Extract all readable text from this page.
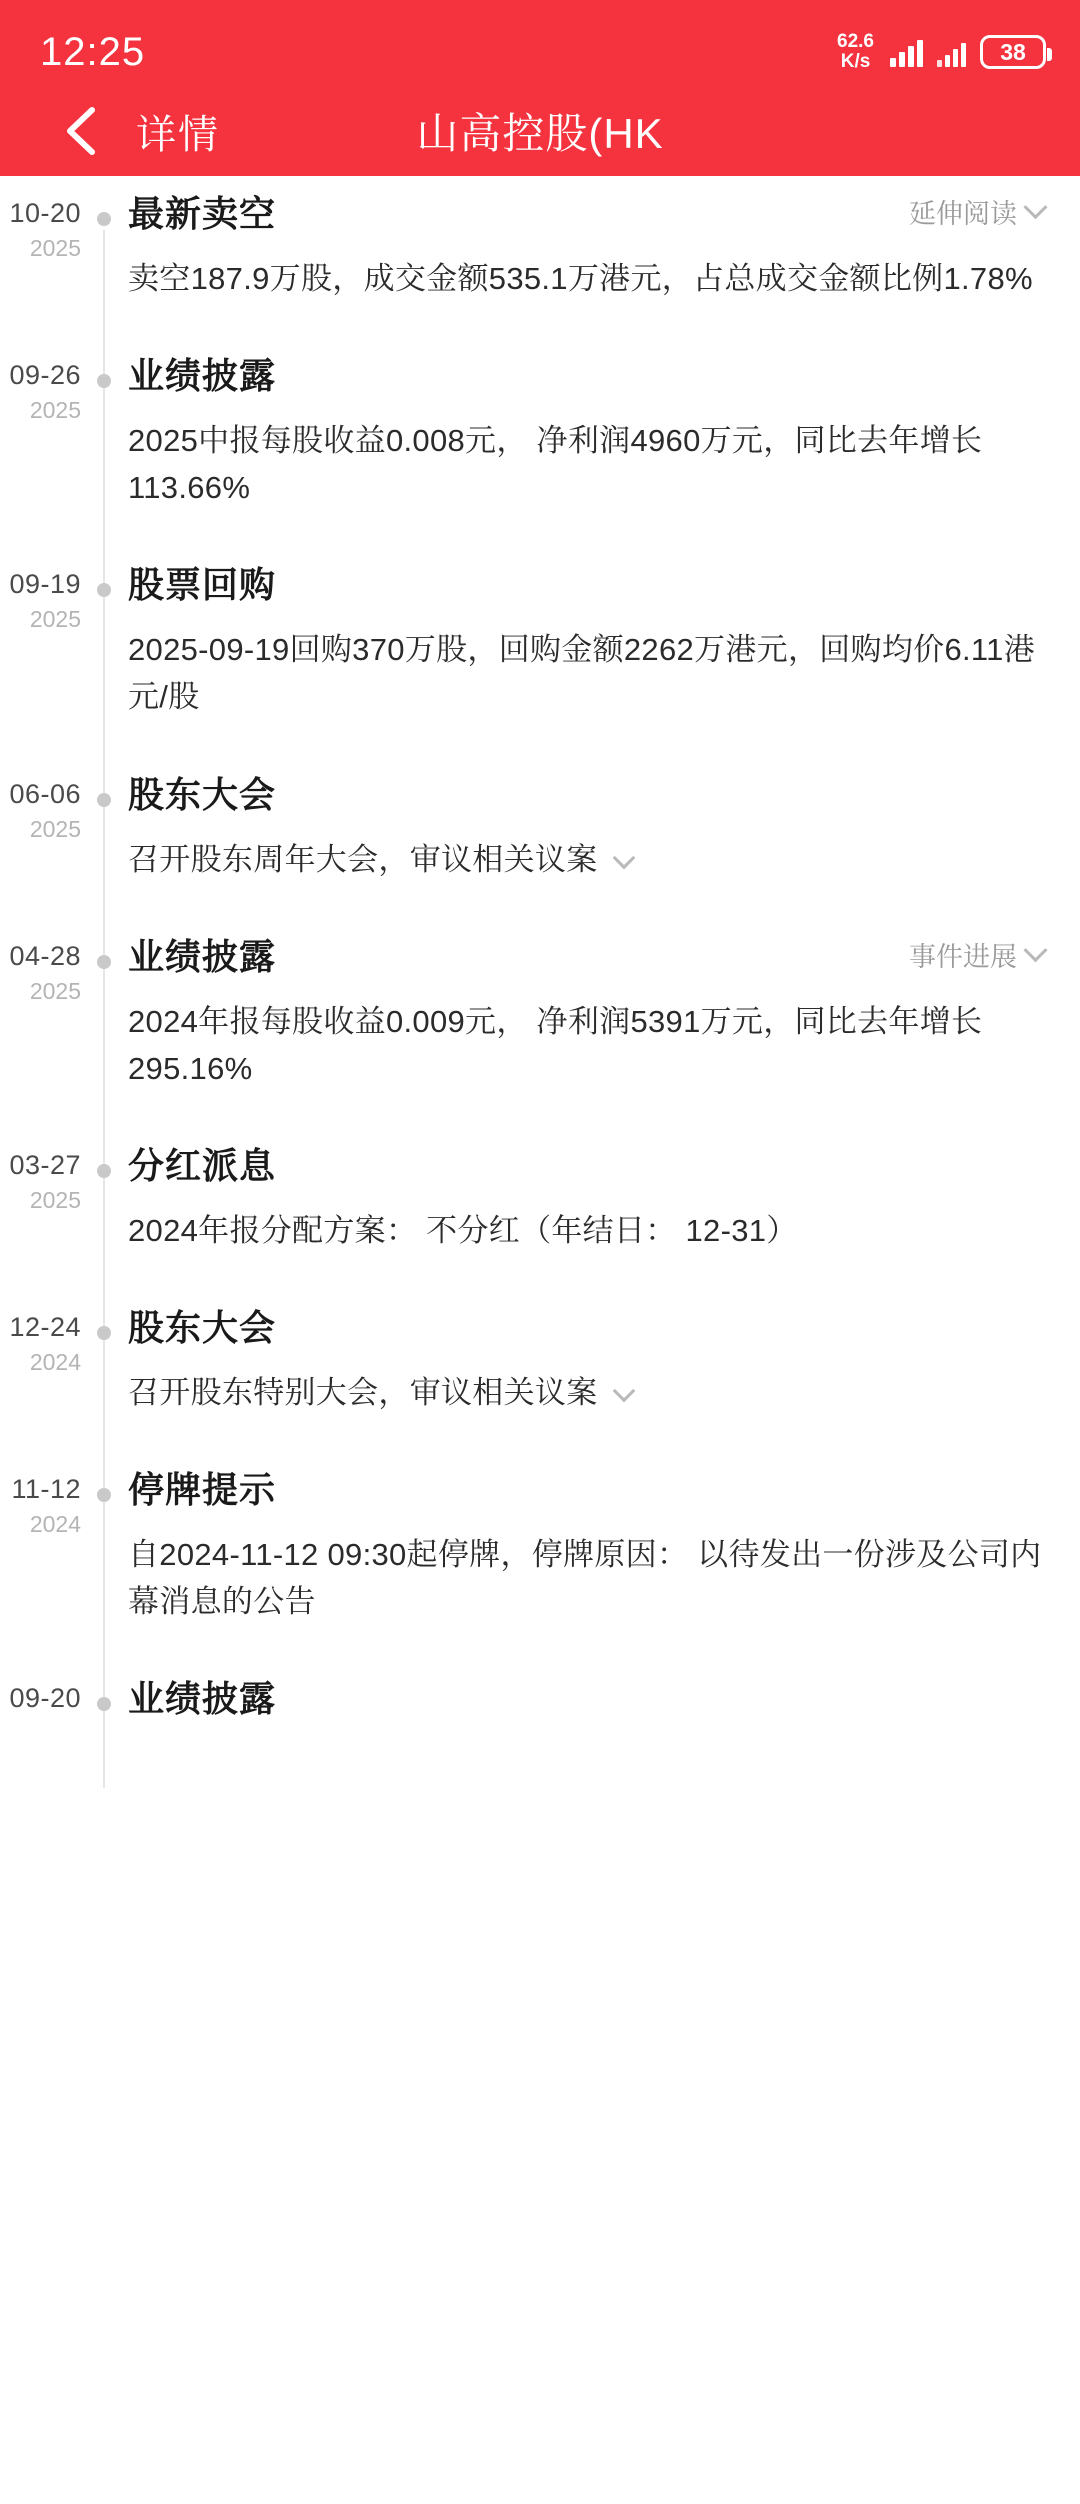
12:25	62.6
K/s	38
详情	山高控股(HK
10-20
2025
最新卖空	延伸阅读
卖空187.9万股，成交金额535.1万港元，占总成交金额比例1.78%
09-26
2025
业绩披露
2025中报每股收益0.008元， 净利润4960万元，同比去年增长113.66%
09-19
2025
股票回购
2025-09-19回购370万股，回购金额2262万港元，回购均价6.11港元/股
06-06
2025
股东大会
召开股东周年大会，审议相关议案
04-28
2025
业绩披露	事件进展
2024年报每股收益0.009元， 净利润5391万元，同比去年增长295.16%
03-27
2025
分红派息
2024年报分配方案： 不分红（年结日： 12-31）
12-24
2024
股东大会
召开股东特别大会，审议相关议案
11-12
2024
停牌提示
自2024-11-12 09:30起停牌，停牌原因： 以待发出一份涉及公司内幕消息的公告
09-20 业绩披露
